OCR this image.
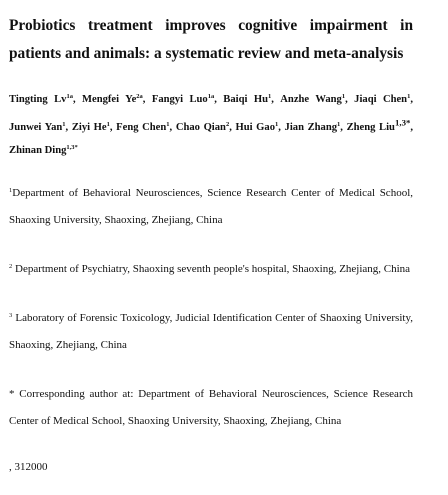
Probiotics treatment improves cognitive impairment in patients and animals: a systematic review and meta-analysis
Tingting $Lv^{1a}$, Mengfei $Ye^{2a}$, Fangyi Luo$^{1a}$, Baiqi Hu$^1$, Anzhe Wang$^1$, Jiaqi Chen$^1$, Junwei Yan$^1$, Ziyi He$^1$, Feng Chen$^1$, Chao Qian$^2$, Hui Gao$^1$, Jian Zhang$^1$, Zheng Liu$^{1,3*}$, Zhinan Ding$^{1,3*}$

$^1$Department of Behavioral Neurosciences, Science Research Center of Medical School, Shaoxing University, Shaoxing, Zhejiang, China

$^2$ Department of Psychiatry, Shaoxing seventh people's hospital, Shaoxing, Zhejiang, China

$^3$ Laboratory of Forensic Toxicology, Judicial Identification Center of Shaoxing University, Shaoxing, Zhejiang, China

* Corresponding author at: Department of Behavioral Neurosciences, Science Research Center of Medical School, Shaoxing University, Shaoxing, Zhejiang, China

, 312000
